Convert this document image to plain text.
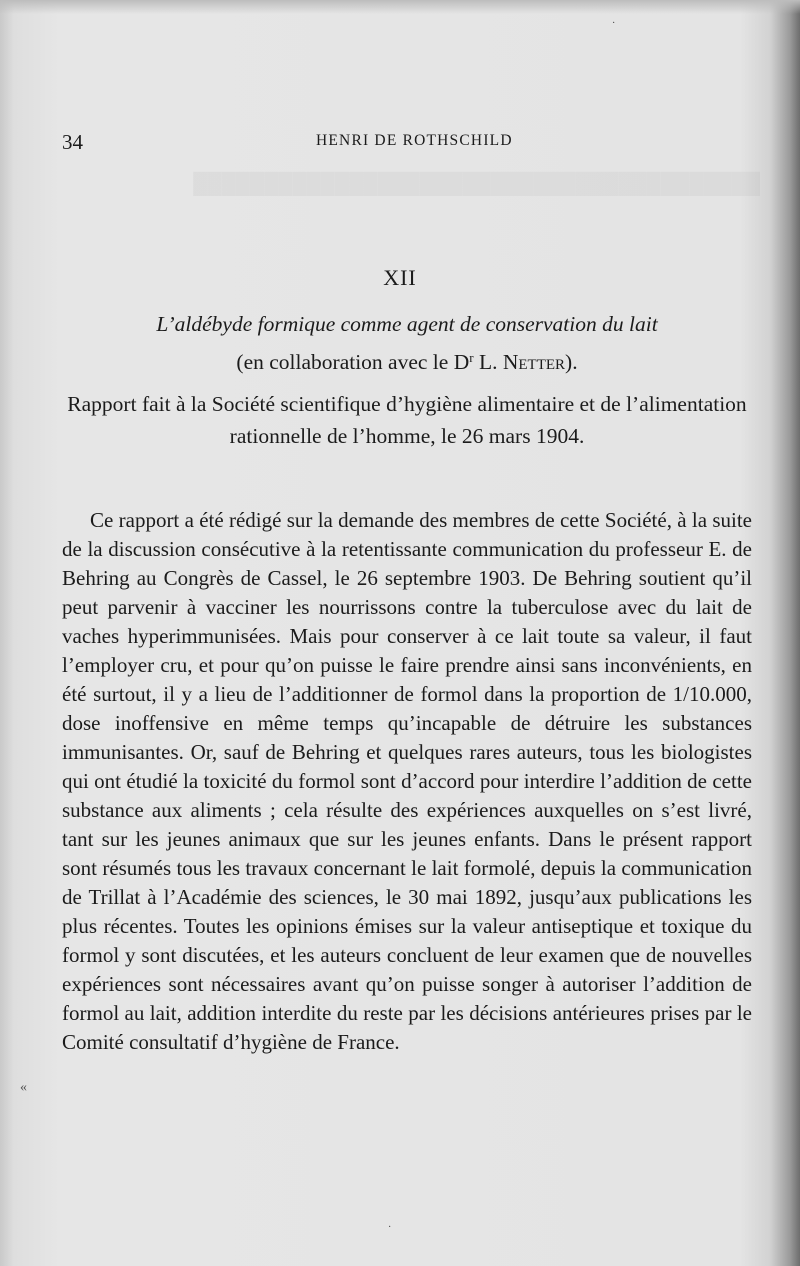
34	HENRI DE ROTHSCHILD
XII
L’aldébyde formique comme agent de conservation du lait
(en collaboration avec le $D^r$ L. Netter).
Rapport fait à la Société scientifique d’hygiène alimentaire et de l’alimentation rationnelle de l’homme, le 26 mars 1904.
Ce rapport a été rédigé sur la demande des membres de cette Société, à la suite de la discussion consécutive à la retentissante communication du professeur E. de Behring au Congrès de Cassel, le 26 septembre 1903. De Behring soutient qu’il peut parvenir à vacciner les nourrissons contre la tuberculose avec du lait de vaches hyperimmunisées. Mais pour conserver à ce lait toute sa valeur, il faut l’employer cru, et pour qu’on puisse le faire prendre ainsi sans inconvénients, en été surtout, il y a lieu de l’additionner de formol dans la proportion de 1/10.000, dose inoffensive en même temps qu’incapable de détruire les substances immunisantes. Or, sauf de Behring et quelques rares auteurs, tous les biologistes qui ont étudié la toxicité du formol sont d’accord pour interdire l’addition de cette substance aux aliments ; cela résulte des expériences auxquelles on s’est livré, tant sur les jeunes animaux que sur les jeunes enfants. Dans le présent rapport sont résumés tous les travaux concernant le lait formolé, depuis la communication de Trillat à l’Académie des sciences, le 30 mai 1892, jusqu’aux publications les plus récentes. Toutes les opinions émises sur la valeur antiseptique et toxique du formol y sont discutées, et les auteurs concluent de leur examen que de nouvelles expériences sont nécessaires avant qu’on puisse songer à autoriser l’addition de formol au lait, addition interdite du reste par les décisions antérieures prises par le Comité consultatif d’hygiène de France.
«
·
·
